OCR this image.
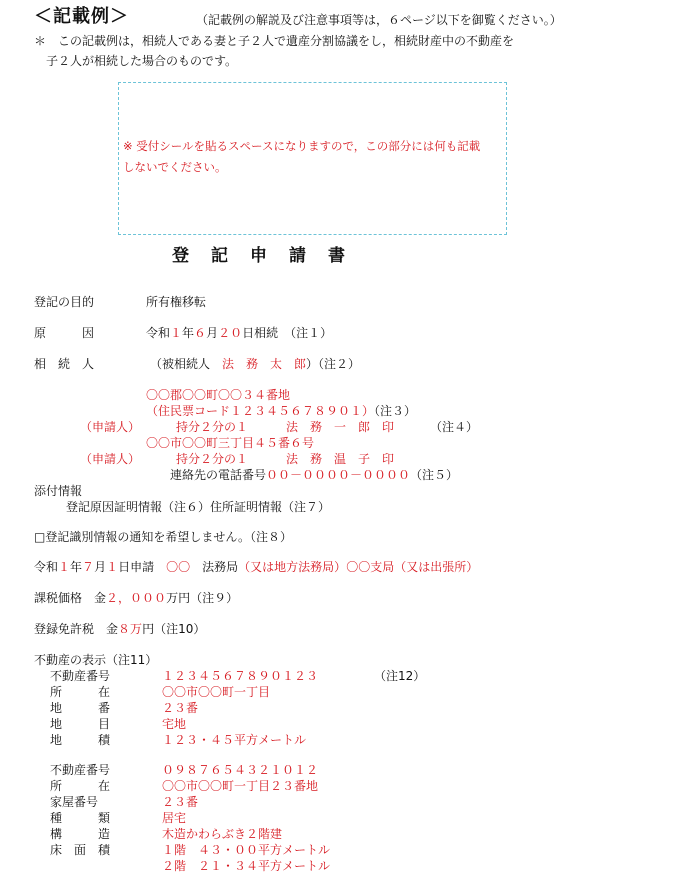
＜記載例＞	（記載例の解説及び注意事項等は，６ページ以下を御覧ください。）
＊　この記載例は，相続人である妻と子２人で遺産分割協議をし，相続財産中の不動産を
子２人が相続した場合のものです。
※ 受付シールを貼るスペースになりますので，この部分には何も記載
しないでください。
登記申請書
登記の目的	所有権移転
原　　　因	令和１年６月２０日相続　 （注１）
相　続　人	（被相続人　 法　務　太　郎）（注２）
〇〇郡〇〇町〇〇３４番地
（住民票コード１２３４５６７８９０１）（注３）
（申請人）	持分２分の１	法　務　一　郎　印	（注４）
〇〇市〇〇町三丁目４５番６号
（申請人）	持分２分の１	法　務　温　子　印
連絡先の電話番号００－００００－００００（注５）
添付情報
登記原因証明情報（注６）住所証明情報（注７）
□登記識別情報の通知を希望しません。（注８）
令和１年７月１日申請　 〇〇　 法務局（又は地方法務局）〇〇支局（又は出張所）
課税価格　 金２，０００万円（注９）
登録免許税　 金８万円（注10）
不動産の表示（注11）
不動産番号	１２３４５６７８９０１２３	（注12）
所　　　在	〇〇市〇〇町一丁目
地　　　番	２３番
地　　　目	宅地
地　　　積	１２３・４５平方メートル
不動産番号	０９８７６５４３２１０１２
所　　　在	〇〇市〇〇町一丁目２３番地
家屋番号	２３番
種　　　類	居宅
構　　　造	木造かわらぶき２階建
床　面　積	１階　４３・００平方メートル
２階　２１・３４平方メートル
